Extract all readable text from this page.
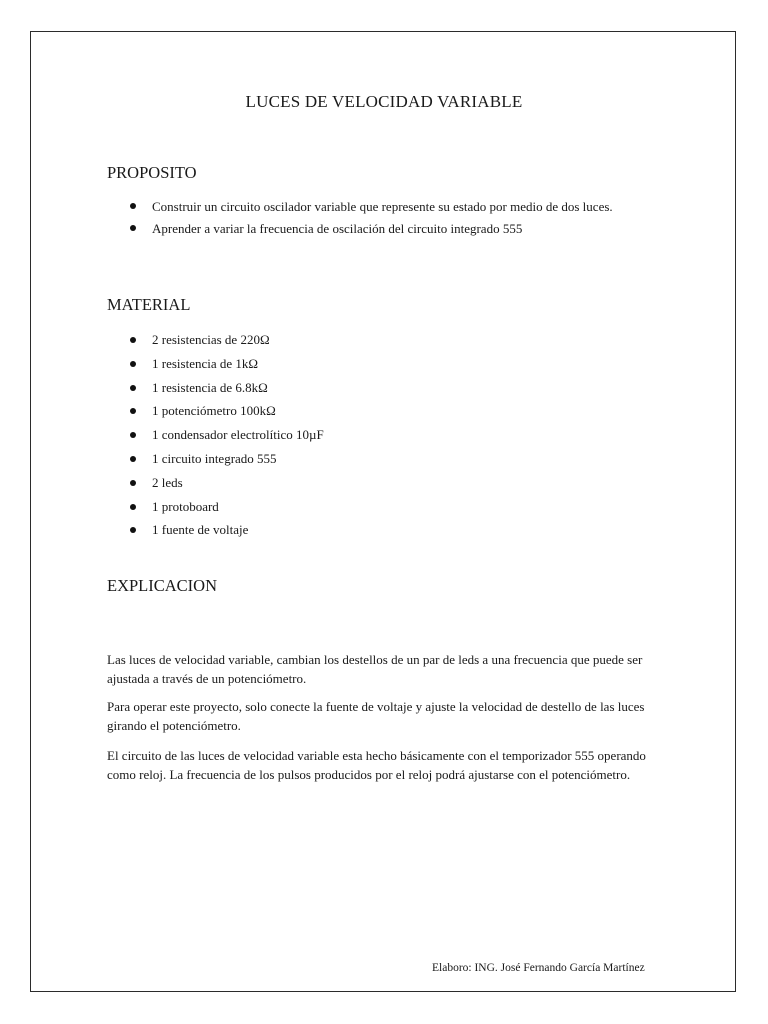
LUCES DE VELOCIDAD VARIABLE
PROPOSITO
Construir un circuito oscilador variable que represente su estado por medio de dos luces.
Aprender a variar la frecuencia de oscilación del circuito integrado 555
MATERIAL
2 resistencias de 220Ω
1 resistencia de 1kΩ
1 resistencia de 6.8kΩ
1 potenciómetro 100kΩ
1 condensador electrolítico 10µF
1 circuito integrado 555
2 leds
1 protoboard
1 fuente de voltaje
EXPLICACION

Las luces de velocidad variable, cambian los destellos de un par de leds a una frecuencia que puede ser ajustada a través de un potenciómetro.

Para operar este proyecto, solo conecte la fuente de voltaje y ajuste la velocidad de destello de las luces girando el potenciómetro.

El circuito de las luces de velocidad variable esta hecho básicamente con el temporizador 555 operando como reloj. La frecuencia de los pulsos producidos por el reloj podrá ajustarse con el potenciómetro.

Elaboro: ING. José Fernando García Martínez
